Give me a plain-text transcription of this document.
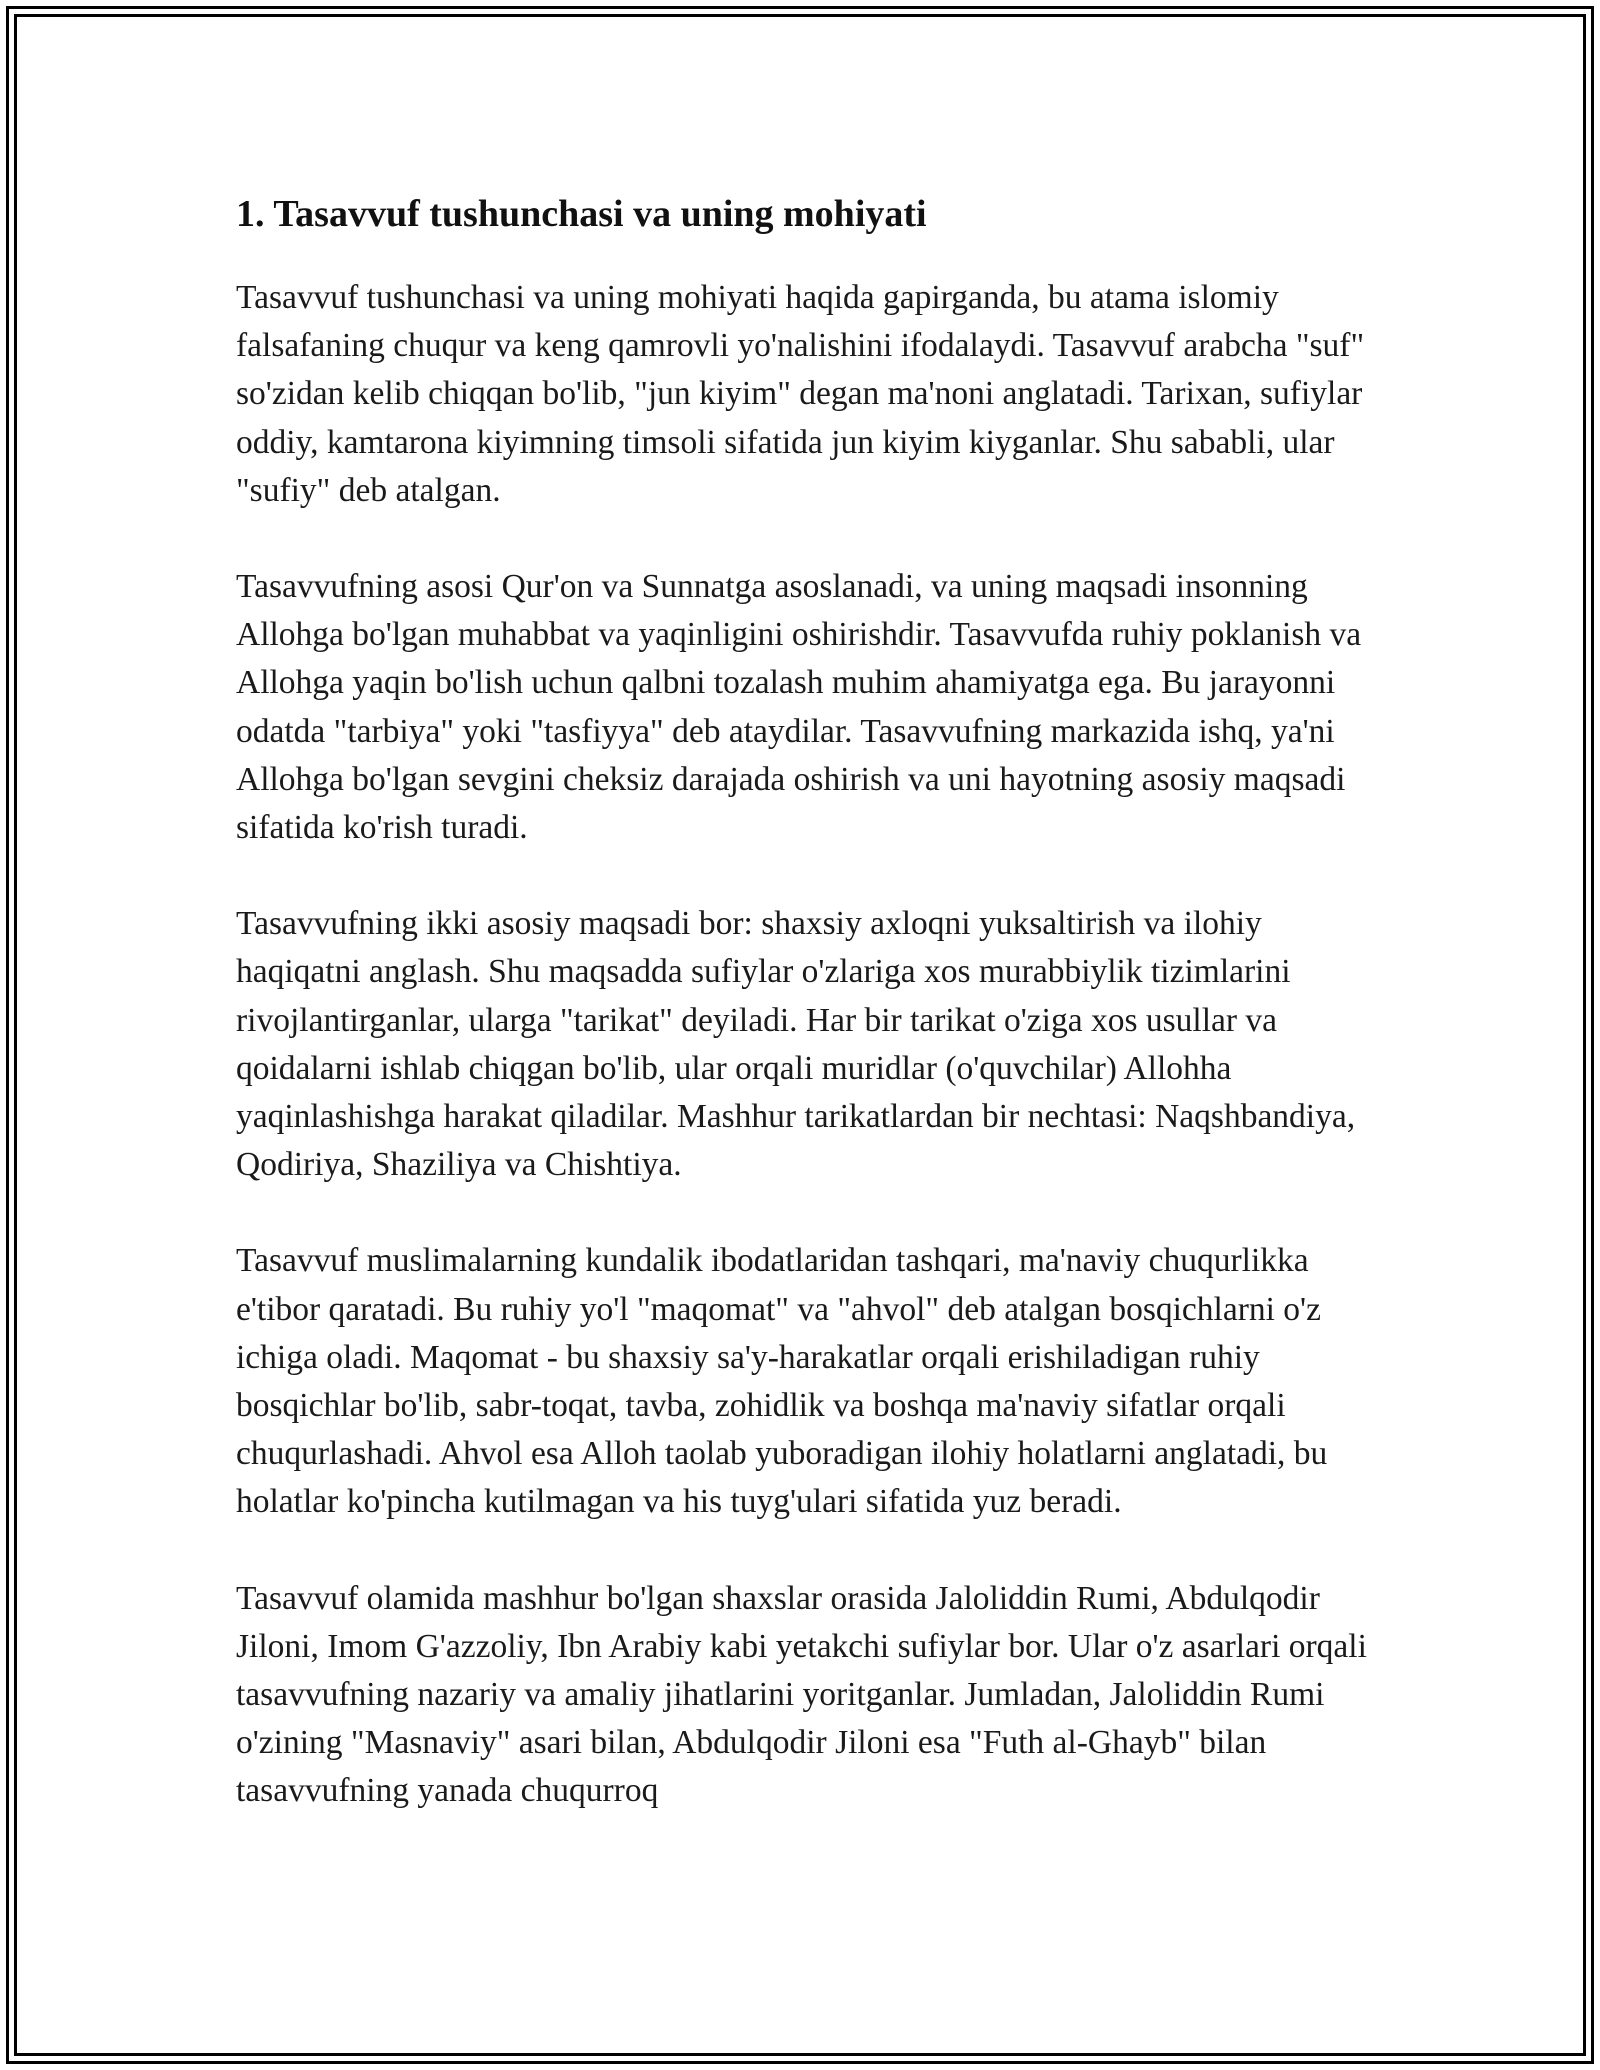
1. Tasavvuf tushunchasi va uning mohiyati

Tasavvuf tushunchasi va uning mohiyati haqida gapirganda, bu atama islomiy falsafaning chuqur va keng qamrovli yo'nalishini ifodalaydi. Tasavvuf arabcha "suf" so'zidan kelib chiqqan bo'lib, "jun kiyim" degan ma'noni anglatadi. Tarixan, sufiylar oddiy, kamtarona kiyimning timsoli sifatida jun kiyim kiyganlar. Shu sababli, ular "sufiy" deb atalgan.

Tasavvufning asosi Qur'on va Sunnatga asoslanadi, va uning maqsadi insonning Allohga bo'lgan muhabbat va yaqinligini oshirishdir. Tasavvufda ruhiy poklanish va Allohga yaqin bo'lish uchun qalbni tozalash muhim ahamiyatga ega. Bu jarayonni odatda "tarbiya" yoki "tasfiyya" deb ataydilar. Tasavvufning markazida ishq, ya'ni Allohga bo'lgan sevgini cheksiz darajada oshirish va uni hayotning asosiy maqsadi sifatida ko'rish turadi.

Tasavvufning ikki asosiy maqsadi bor: shaxsiy axloqni yuksaltirish va ilohiy haqiqatni anglash. Shu maqsadda sufiylar o'zlariga xos murabbiylik tizimlarini rivojlantirganlar, ularga "tarikat" deyiladi. Har bir tarikat o'ziga xos usullar va qoidalarni ishlab chiqgan bo'lib, ular orqali muridlar (o'quvchilar) Allohha yaqinlashishga harakat qiladilar. Mashhur tarikatlardan bir nechtasi: Naqshbandiya, Qodiriya, Shaziliya va Chishtiya.

Tasavvuf muslimalarning kundalik ibodatlaridan tashqari, ma'naviy chuqurlikka e'tibor qaratadi. Bu ruhiy yo'l "maqomat" va "ahvol" deb atalgan bosqichlarni o'z ichiga oladi. Maqomat - bu shaxsiy sa'y-harakatlar orqali erishiladigan ruhiy bosqichlar bo'lib, sabr-toqat, tavba, zohidlik va boshqa ma'naviy sifatlar orqali chuqurlashadi. Ahvol esa Alloh taolab yuboradigan ilohiy holatlarni anglatadi, bu holatlar ko'pincha kutilmagan va his tuyg'ulari sifatida yuz beradi.

Tasavvuf olamida mashhur bo'lgan shaxslar orasida Jaloliddin Rumi, Abdulqodir Jiloni, Imom G'azzoliy, Ibn Arabiy kabi yetakchi sufiylar bor. Ular o'z asarlari orqali tasavvufning nazariy va amaliy jihatlarini yoritganlar. Jumladan, Jaloliddin Rumi o'zining "Masnaviy" asari bilan, Abdulqodir Jiloni esa "Futh al-Ghayb" bilan tasavvufning yanada chuqurroq
